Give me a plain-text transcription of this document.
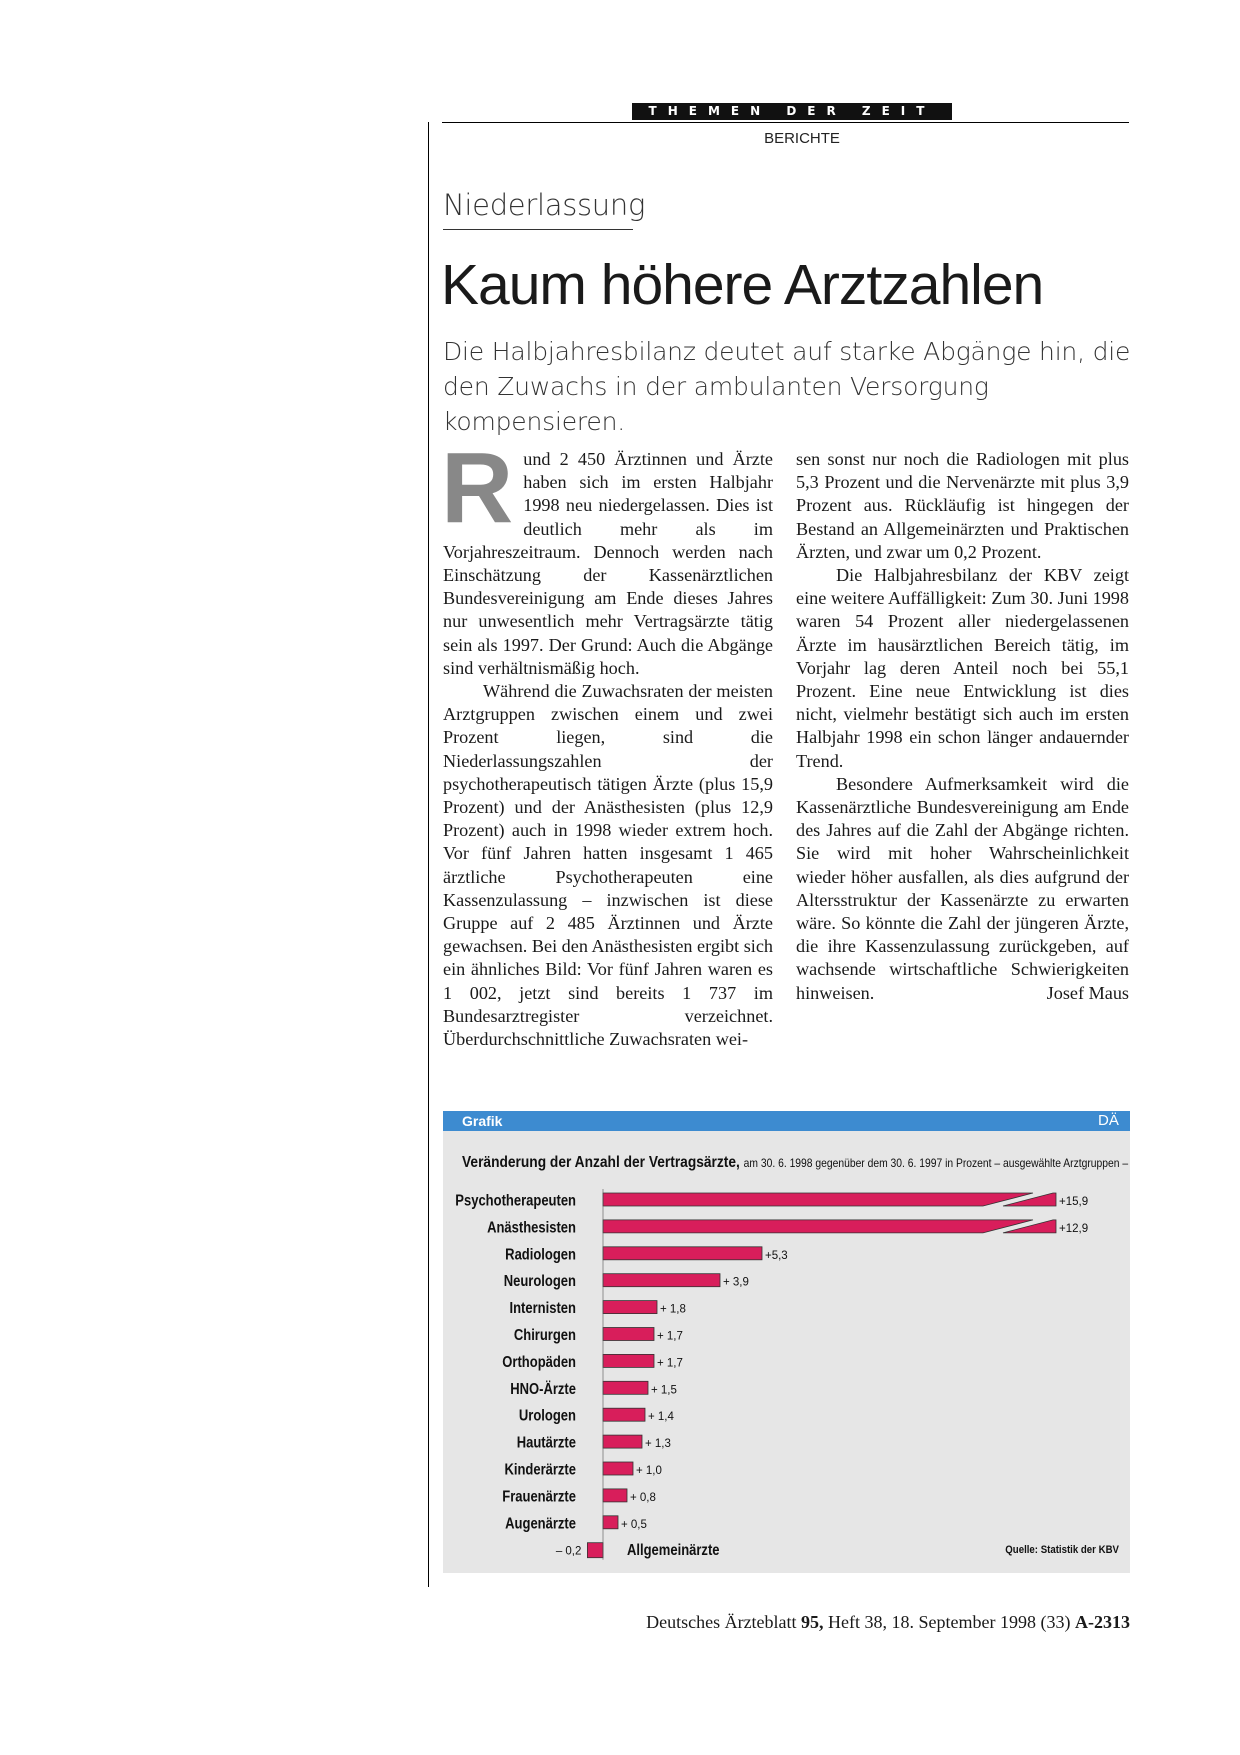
THEMEN DER ZEIT
BERICHTE
Niederlassung
Kaum höhere Arztzahlen
Die Halbjahresbilanz deutet auf starke Abgänge hin, die den Zuwachs in der ambulanten Versorgung kompensieren.

Rund 2 450 Ärztinnen und Ärzte haben sich im ersten Halbjahr 1998 neu niedergelassen. Dies ist deutlich mehr als im Vorjahreszeitraum. Dennoch werden nach Einschätzung der Kassenärztlichen Bundesvereinigung am Ende dieses Jahres nur unwesentlich mehr Vertragsärzte tätig sein als 1997. Der Grund: Auch die Abgänge sind verhältnismäßig hoch.

Während die Zuwachsraten der meisten Arztgruppen zwischen einem und zwei Prozent liegen, sind die Niederlassungszahlen der psychotherapeutisch tätigen Ärzte (plus 15,9 Prozent) und der Anästhesisten (plus 12,9 Prozent) auch in 1998 wieder extrem hoch. Vor fünf Jahren hatten insgesamt 1 465 ärztliche Psychotherapeuten eine Kassenzulassung – inzwischen ist diese Gruppe auf 2 485 Ärztinnen und Ärzte gewachsen. Bei den Anästhesisten ergibt sich ein ähnliches Bild: Vor fünf Jahren waren es 1 002, jetzt sind bereits 1 737 im Bundesarztregister verzeichnet. Überdurchschnittliche Zuwachsraten wei-

sen sonst nur noch die Radiologen mit plus 5,3 Prozent und die Nervenärzte mit plus 3,9 Prozent aus. Rückläufig ist hingegen der Bestand an Allgemeinärzten und Praktischen Ärzten, und zwar um 0,2 Prozent.

Die Halbjahresbilanz der KBV zeigt eine weitere Auffälligkeit: Zum 30. Juni 1998 waren 54 Prozent aller niedergelassenen Ärzte im hausärztlichen Bereich tätig, im Vorjahr lag deren Anteil noch bei 55,1 Prozent. Eine neue Entwicklung ist dies nicht, vielmehr bestätigt sich auch im ersten Halbjahr 1998 ein schon länger andauernder Trend.

Besondere Aufmerksamkeit wird die Kassenärztliche Bundesvereinigung am Ende des Jahres auf die Zahl der Abgänge richten. Sie wird mit hoher Wahrscheinlichkeit wieder höher ausfallen, als dies aufgrund der Altersstruktur der Kassenärzte zu erwarten wäre. So könnte die Zahl der jüngeren Ärzte, die ihre Kassenzulassung zurückgeben, auf wachsende wirtschaftliche Schwierigkeiten hinweisen.	Josef Maus

Grafik	DÄ
Veränderung der Anzahl der Vertragsärzte, am 30. 6. 1998 gegenüber dem 30. 6. 1997 in Prozent – ausgewählte Arztgruppen –
+15,9
Psychotherapeuten
+12,9
Anästhesisten
+5,3
Radiologen
+ 3,9
Neurologen
+ 1,8
Internisten
+ 1,7
Chirurgen
+ 1,7
Orthopäden
+ 1,5
HNO-Ärzte
+ 1,4
Urologen
+ 1,3
Hautärzte
+ 1,0
Kinderärzte
+ 0,8
Frauenärzte
+ 0,5
Augenärzte
– 0,2	Allgemeinärzte	Quelle: Statistik der KBV
Deutsches Ärzteblatt 95, Heft 38, 18. September 1998 (33) A-2313
